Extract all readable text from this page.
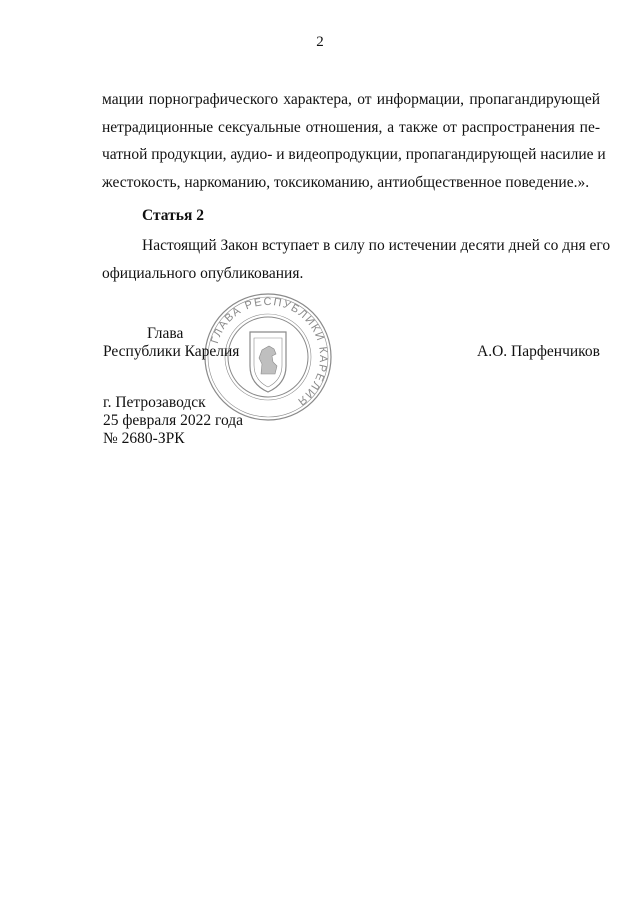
2

мации порнографического характера, от информации, пропагандирующей
нетрадиционные сексуальные отношения, а также от распространения пе-
чатной продукции, аудио- и видеопродукции, пропагандирующей насилие и
жестокость, наркоманию, токсикоманию, антиобщественное поведение.».

Статья 2

Настоящий Закон вступает в силу по истечении десяти дней со дня его
официального опубликования.

ГЛАВА РЕСПУБЛИКИ КАРЕЛИЯ
Глава
Республики Карелия	А.О. Парфенчиков
г. Петрозаводск
25 февраля 2022 года
№ 2680-ЗРК
